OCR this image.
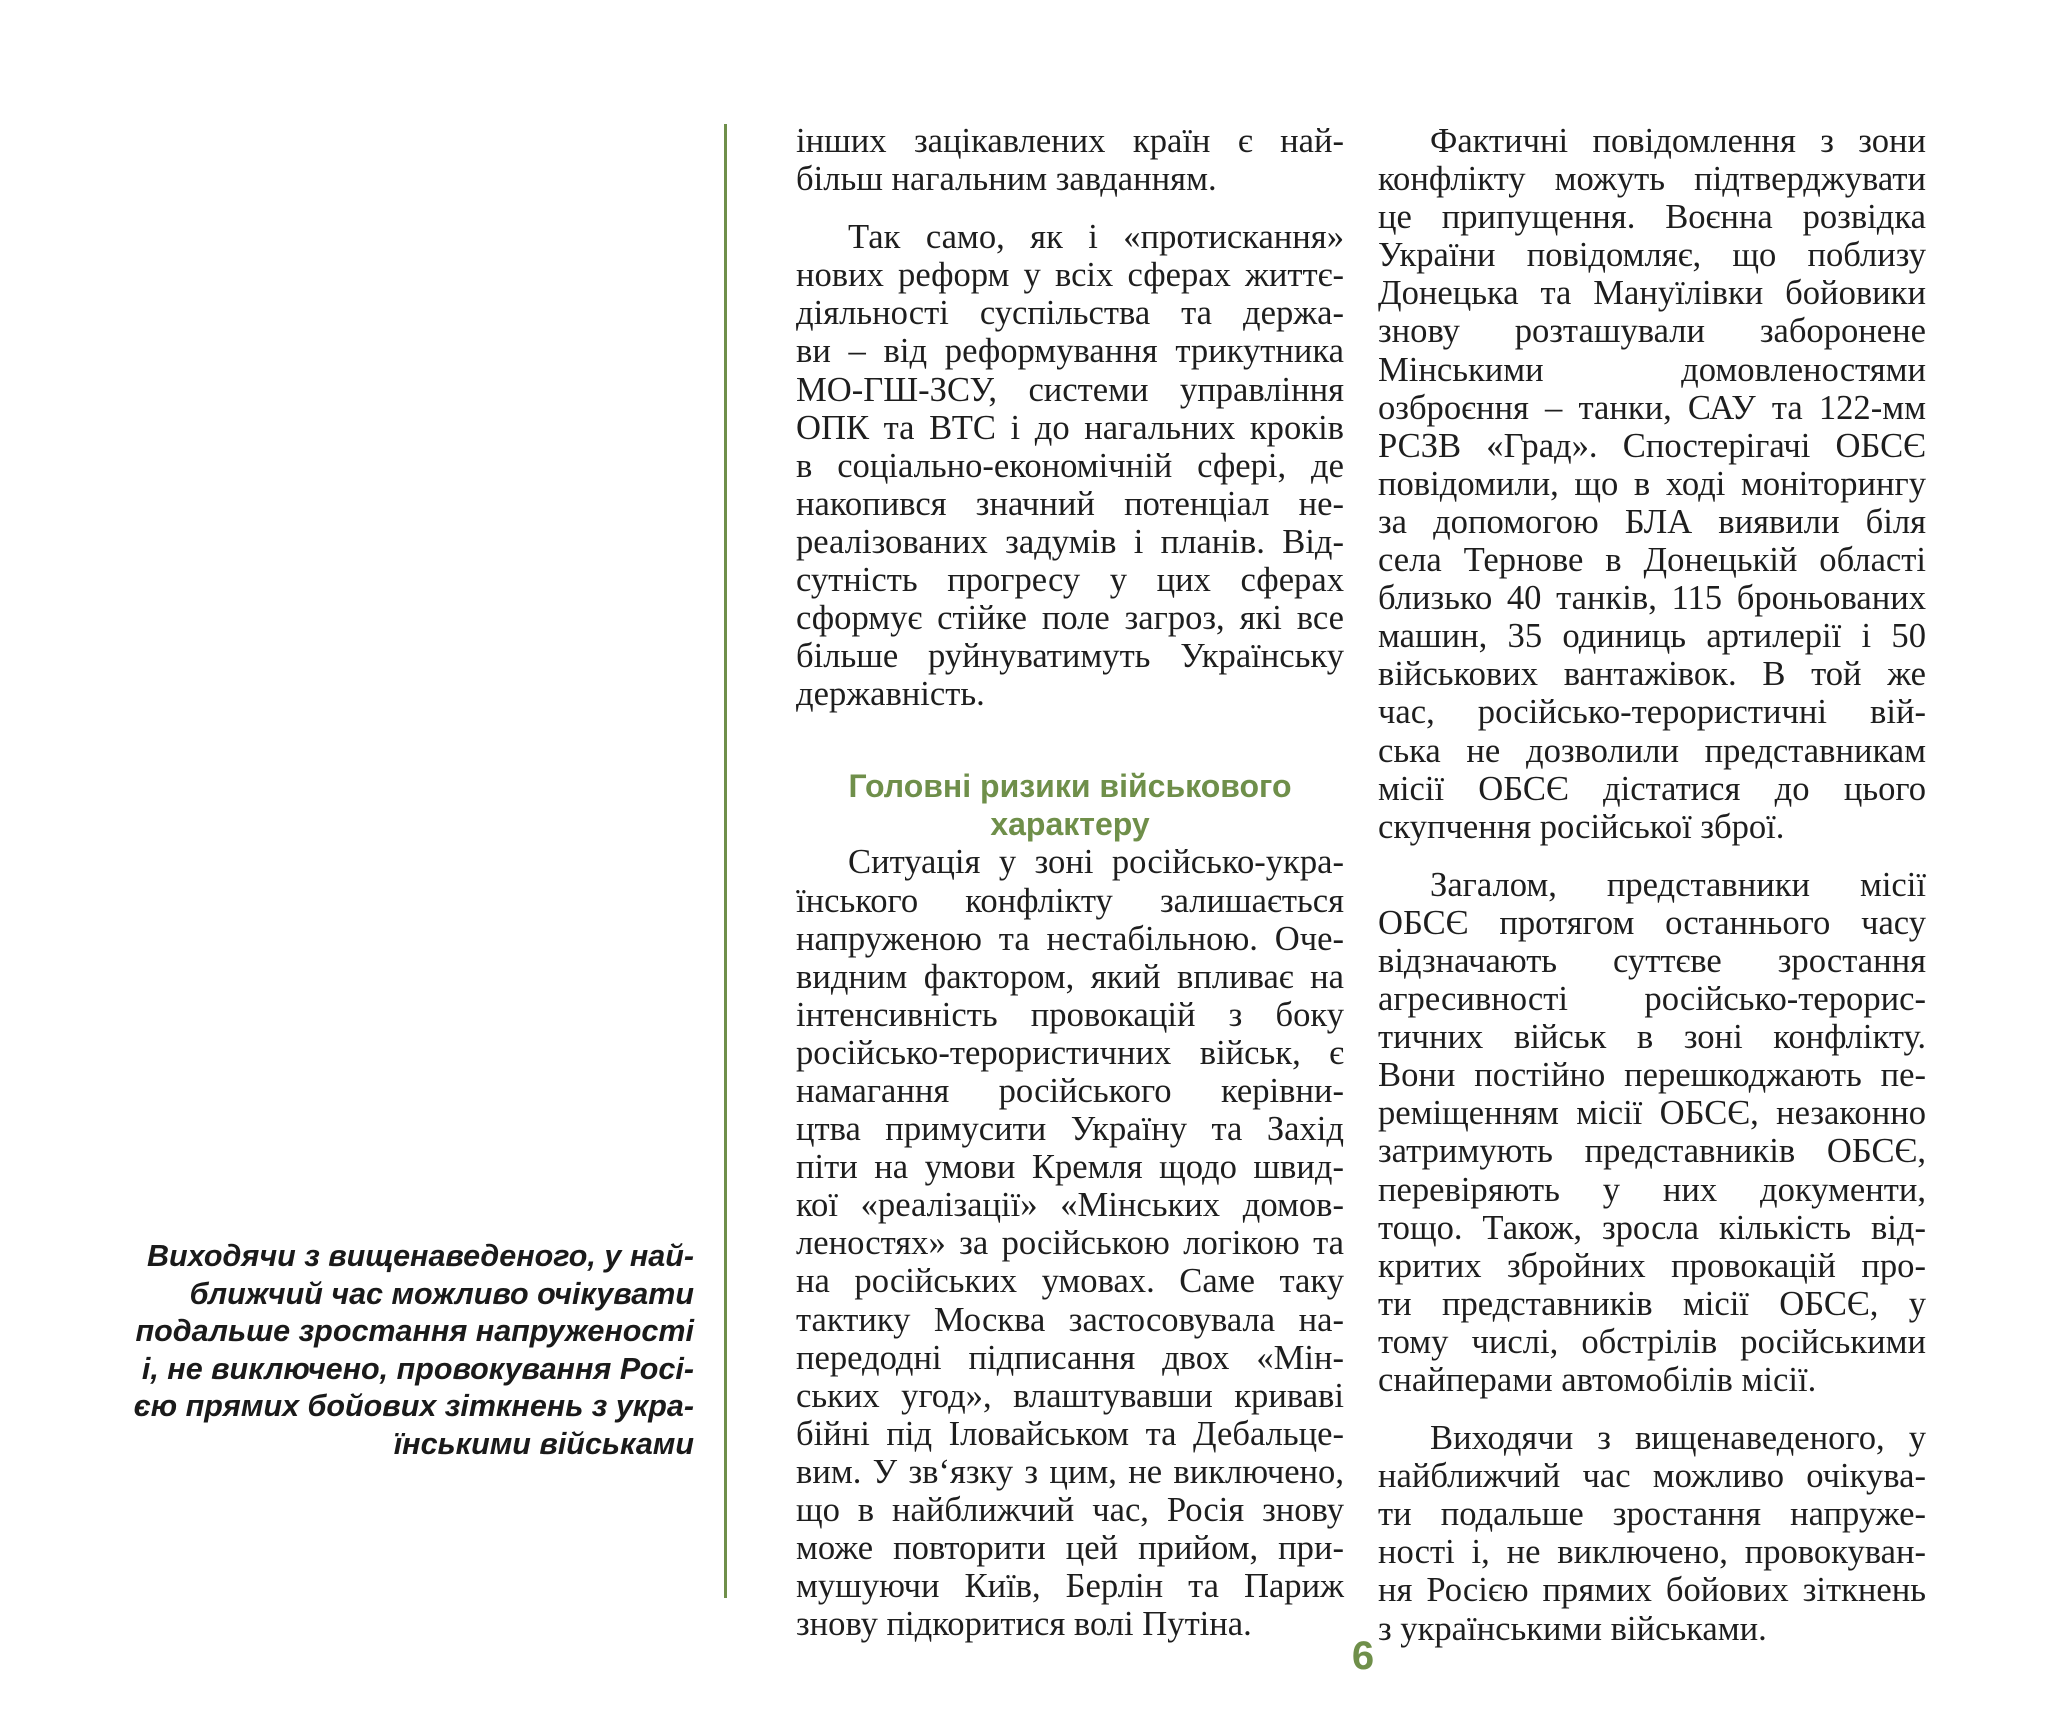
Виходячи з вищенаведеного, у най-
ближчий час можливо очікувати
подальше зростання напруженості
і, не виключено, провокування Росі-
єю прямих бойових зіткнень з укра-
їнськими військами
інших зацікавлених країн є най-
більш нагальним завданням.
Так само, як і «протискання»
нових реформ у всіх сферах життє-
діяльності суспільства та держа-
ви – від реформування трикутника
МО-ГШ-ЗСУ, системи управління
ОПК та ВТС і до нагальних кроків
в соціально-економічній сфері, де
накопився значний потенціал не-
реалізованих задумів і планів. Від-
сутність прогресу у цих сферах
сформує стійке поле загроз, які все
більше руйнуватимуть Українську
державність.
Головні ризики військового
характеру
Ситуація у зоні російсько-укра-
їнського конфлікту залишається
напруженою та нестабільною. Оче-
видним фактором, який впливає на
інтенсивність провокацій з боку
російсько-терористичних військ, є
намагання російського керівни-
цтва примусити Україну та Захід
піти на умови Кремля щодо швид-
кої «реалізації» «Мінських домов-
леностях» за російською логікою та
на російських умовах. Саме таку
тактику Москва застосовувала на-
передодні підписання двох «Мін-
ських угод», влаштувавши криваві
бійні під Іловайськом та Дебальце-
вим. У зв‘язку з цим, не виключено,
що в найближчий час, Росія знову
може повторити цей прийом, при-
мушуючи Київ, Берлін та Париж
знову підкоритися волі Путіна.
Фактичні повідомлення з зони
конфлікту можуть підтверджувати
це припущення. Воєнна розвідка
України повідомляє, що поблизу
Донецька та Мануїлівки бойовики
знову розташували заборонене
Мінськими домовленостями
озброєння – танки, САУ та 122-мм
РСЗВ «Град». Спостерігачі ОБСЄ
повідомили, що в ході моніторингу
за допомогою БЛА виявили біля
села Тернове в Донецькій області
близько 40 танків, 115 броньованих
машин, 35 одиниць артилерії і 50
військових вантажівок. В той же
час, російсько-терористичні вій-
ська не дозволили представникам
місії ОБСЄ дістатися до цього
скупчення російської зброї.
Загалом, представники місії
ОБСЄ протягом останнього часу
відзначають суттєве зростання
агресивності російсько-терорис-
тичних військ в зоні конфлікту.
Вони постійно перешкоджають пе-
реміщенням місії ОБСЄ, незаконно
затримують представників ОБСЄ,
перевіряють у них документи,
тощо. Також, зросла кількість від-
критих збройних провокацій про-
ти представників місії ОБСЄ, у
тому числі, обстрілів російськими
снайперами автомобілів місії.
Виходячи з вищенаведеного, у
найближчий час можливо очікува-
ти подальше зростання напруже-
ності і, не виключено, провокуван-
ня Росією прямих бойових зіткнень
з українськими військами.
6
